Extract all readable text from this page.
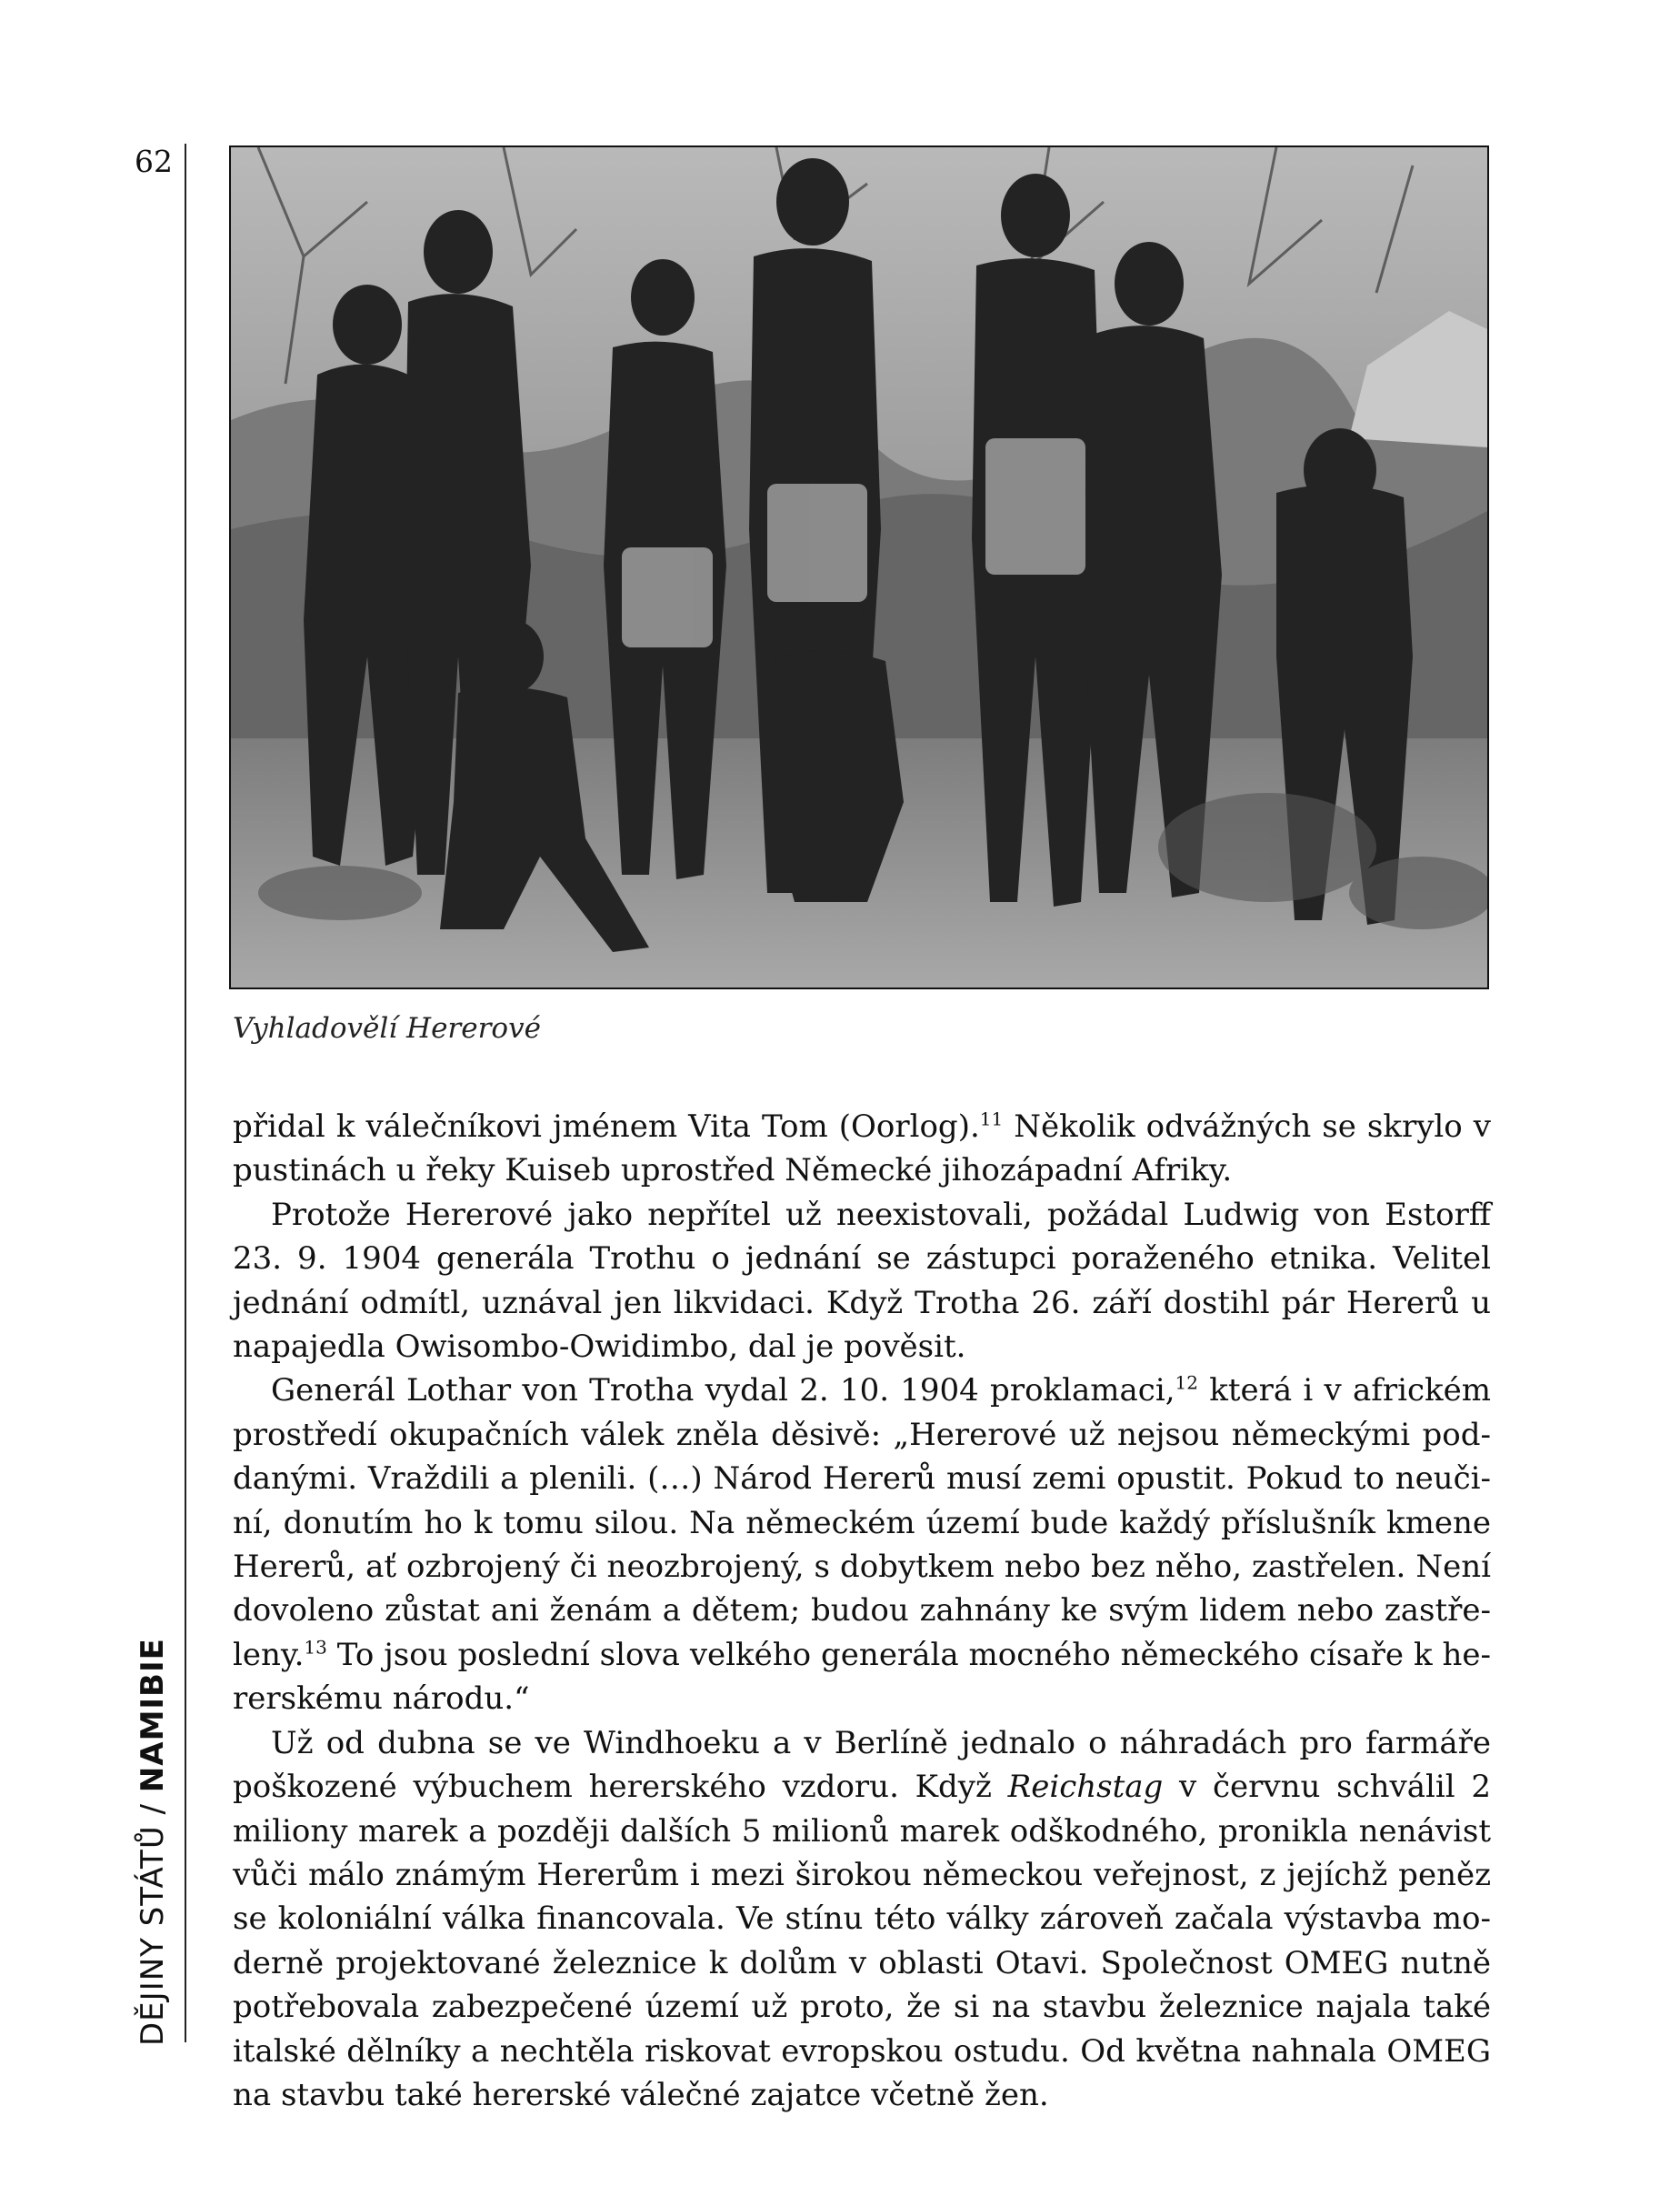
62
DĚJINY STÁTŮ / NAMIBIE
Vyhladovělí Hererové

přidal k válečníkovi jménem Vita Tom (Oorlog).$^{11}$ Několik odvážných se skrylo v pustinách u řeky Kuiseb uprostřed Německé jihozápadní Afriky.

Protože Hererové jako nepřítel už neexistovali, požádal Ludwig von Estorff 23. 9. 1904 generála Trothu o jednání se zástupci poraženého etnika. Velitel jednání odmítl, uznával jen likvidaci. Když Trotha 26. září dostihl pár Hererů u napajedla Owisombo-Owidimbo, dal je pověsit.

Generál Lothar von Trotha vydal 2. 10. 1904 proklamaci,$^{12}$ která i v africkém prostředí okupačních válek zněla děsivě: „Hererové už nejsou německými poddanými. Vraždili a plenili. (…) Národ Hererů musí zemi opustit. Pokud to neučiní, donutím ho k tomu silou. Na německém území bude každý příslušník kmene Hererů, ať ozbrojený či neozbrojený, s dobytkem nebo bez něho, zastřelen. Není dovoleno zůstat ani ženám a dětem; budou zahnány ke svým lidem nebo zastřeleny.$^{13}$ To jsou poslední slova velkého generála mocného německého císaře k hererskému národu.“

Už od dubna se ve Windhoeku a v Berlíně jednalo o náhradách pro farmáře poškozené výbuchem hererského vzdoru. Když Reichstag v červnu schválil 2 miliony marek a později dalších 5 milionů marek odškodného, pronikla nenávist vůči málo známým Hererům i mezi širokou německou veřejnost, z jejíchž peněz se koloniální válka financovala. Ve stínu této války zároveň začala výstavba moderně projektované železnice k dolům v oblasti Otavi. Společnost OMEG nutně potřebovala zabezpečené území už proto, že si na stavbu železnice najala také italské dělníky a nechtěla riskovat evropskou ostudu. Od května nahnala OMEG na stavbu také hererské válečné zajatce včetně žen.
